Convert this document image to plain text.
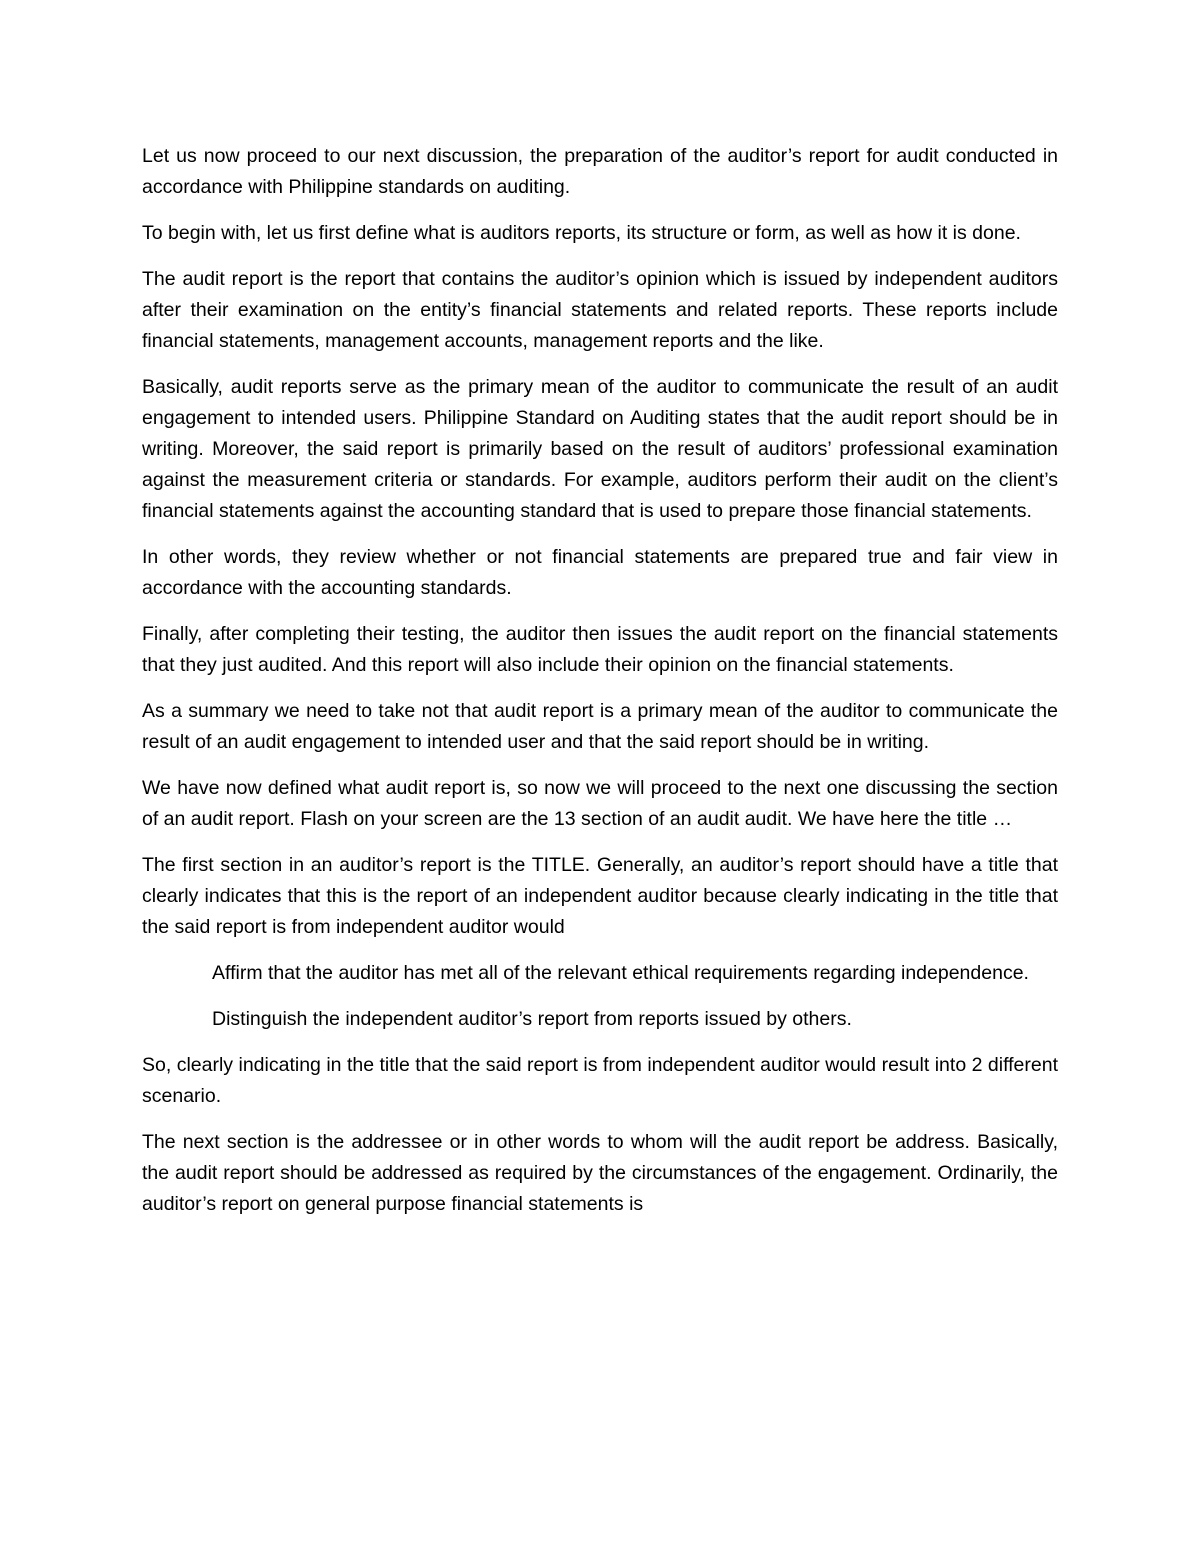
Let us now proceed to our next discussion, the preparation of the auditor’s report for audit conducted in accordance with Philippine standards on auditing.

To begin with, let us first define what is auditors reports, its structure or form, as well as how it is done.

The audit report is the report that contains the auditor’s opinion which is issued by independent auditors after their examination on the entity’s financial statements and related reports. These reports include financial statements, management accounts, management reports and the like.

Basically, audit reports serve as the primary mean of the auditor to communicate the result of an audit engagement to intended users. Philippine Standard on Auditing states that the audit report should be in writing. Moreover, the said report is primarily based on the result of auditors’ professional examination against the measurement criteria or standards. For example, auditors perform their audit on the client’s financial statements against the accounting standard that is used to prepare those financial statements.

In other words, they review whether or not financial statements are prepared true and fair view in accordance with the accounting standards.

Finally, after completing their testing, the auditor then issues the audit report on the financial statements that they just audited. And this report will also include their opinion on the financial statements.

As a summary we need to take not that audit report is a primary mean of the auditor to communicate the result of an audit engagement to intended user and that the said report should be in writing.

We have now defined what audit report is, so now we will proceed to the next one discussing the section of an audit report. Flash on your screen are the 13 section of an audit audit. We have here the title …

The first section in an auditor’s report is the TITLE. Generally, an auditor’s report should have a title that clearly indicates that this is the report of an independent auditor because clearly indicating in the title that the said report is from independent auditor would

Affirm that the auditor has met all of the relevant ethical requirements regarding independence.

Distinguish the independent auditor’s report from reports issued by others.

So, clearly indicating in the title that the said report is from independent auditor would result into 2 different scenario.

The next section is the addressee or in other words to whom will the audit report be address. Basically, the audit report should be addressed as required by the circumstances of the engagement. Ordinarily, the auditor’s report on general purpose financial statements is
